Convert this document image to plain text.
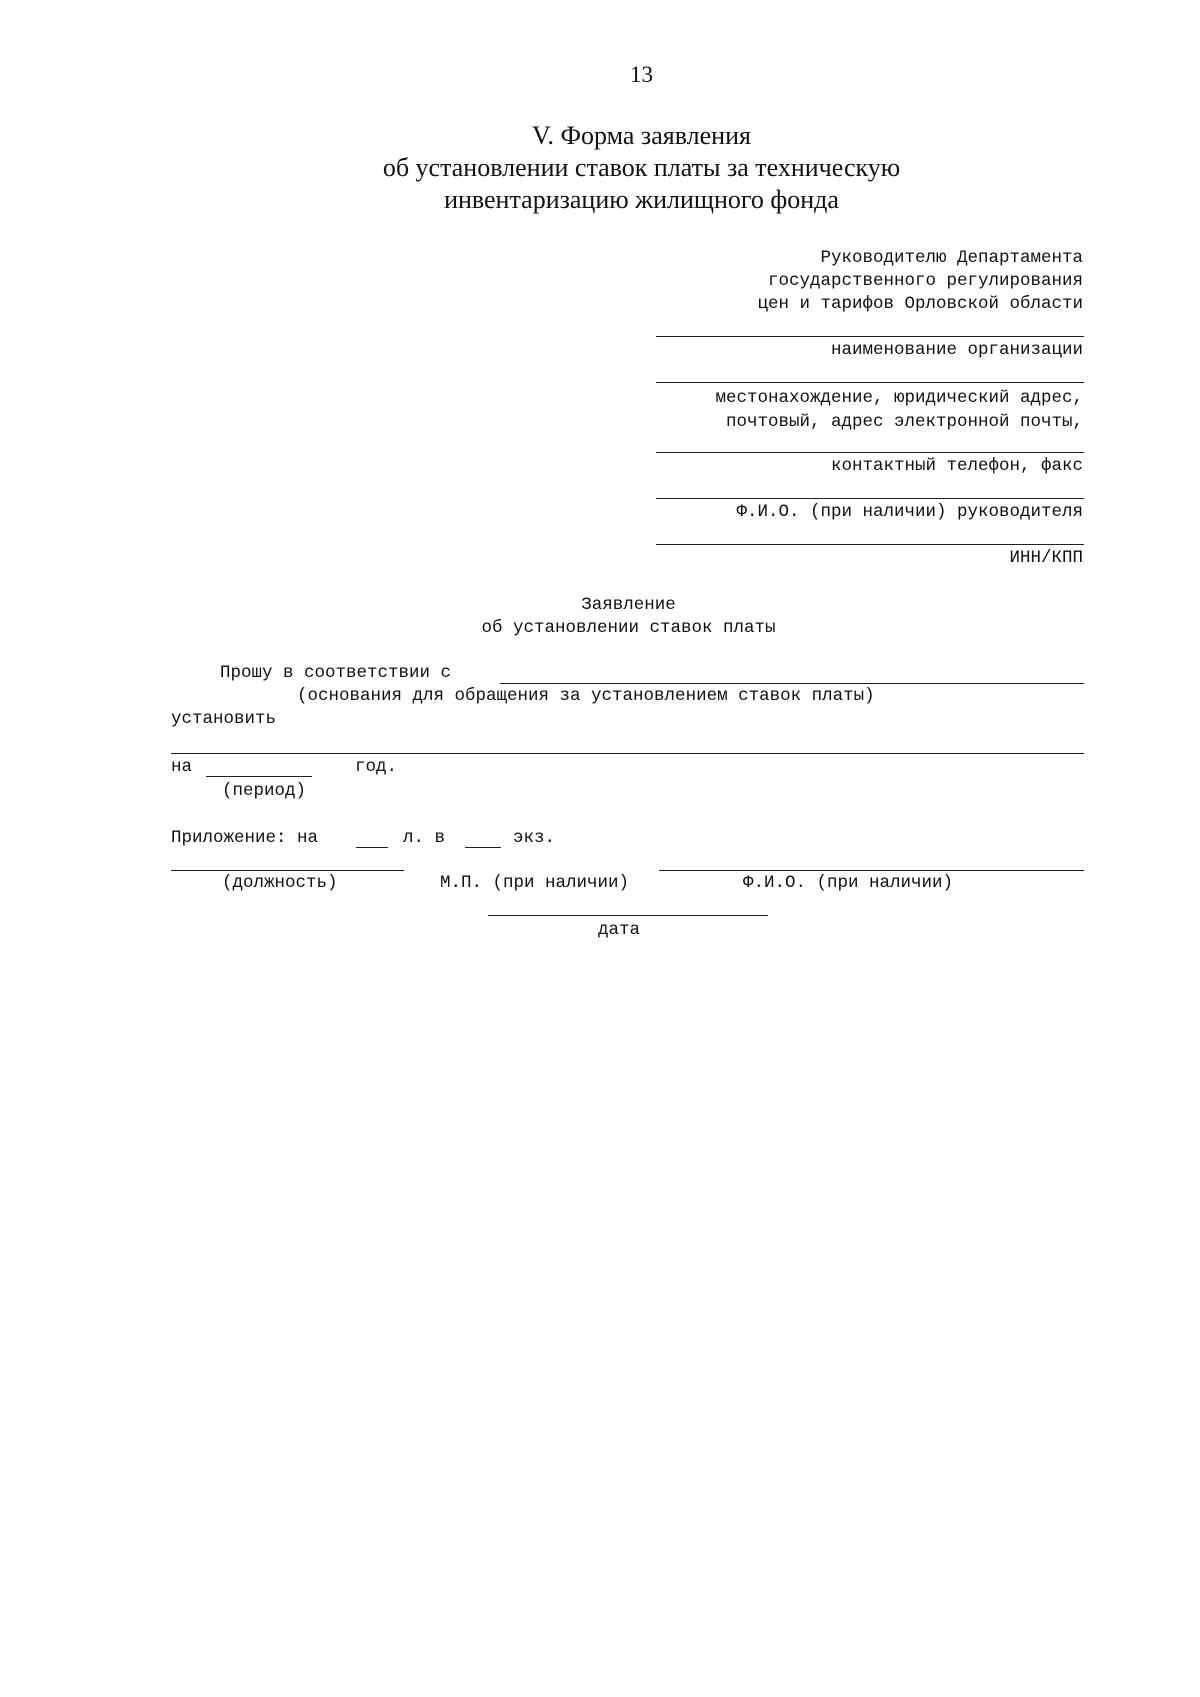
13
V. Форма заявления
об установлении ставок платы за техническую
инвентаризацию жилищного фонда
Руководителю Департамента
государственного регулирования
цен и тарифов Орловской области
наименование организации
местонахождение, юридический адрес,
почтовый, адрес электронной почты,
контактный телефон, факс
Ф.И.О. (при наличии) руководителя
ИНН/КПП
Заявление
об установлении ставок платы
Прошу в соответствии с
(основания для обращения за установлением ставок платы)
установить
на	год.
(период)
Приложение: на	л. в	экз.
(должность)	М.П. (при наличии)	Ф.И.О. (при наличии)
дата
